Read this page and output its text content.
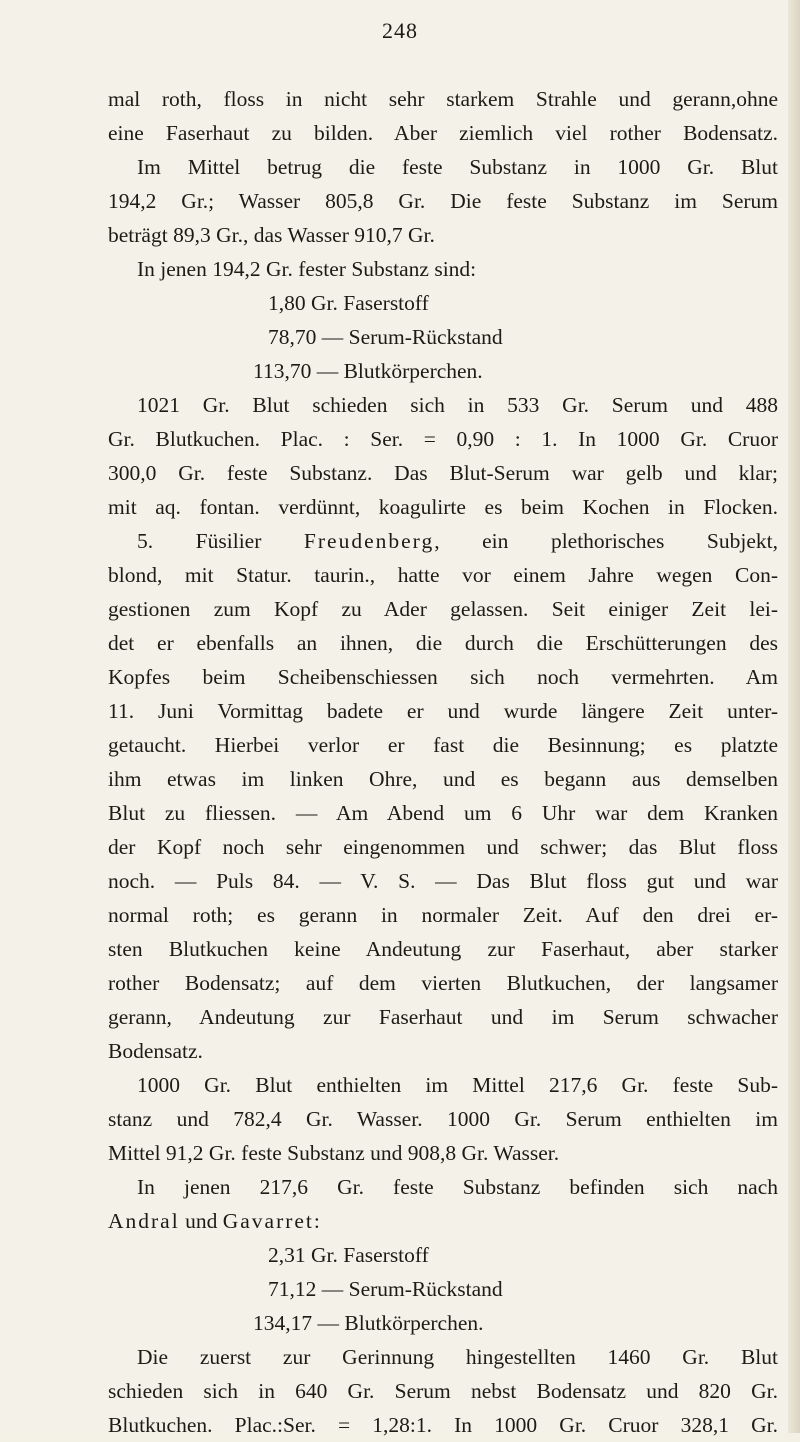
248
mal roth, floss in nicht sehr starkem Strahle und gerann,ohne
eine Faserhaut zu bilden. Aber ziemlich viel rother Bodensatz.
Im Mittel betrug die feste Substanz in 1000 Gr. Blut
194,2 Gr.; Wasser 805,8 Gr. Die feste Substanz im Serum
beträgt 89,3 Gr., das Wasser 910,7 Gr.
In jenen 194,2 Gr. fester Substanz sind:
1,80 Gr. Faserstoff
78,70 — Serum-Rückstand
113,70 — Blutkörperchen.
1021 Gr. Blut schieden sich in 533 Gr. Serum und 488
Gr. Blutkuchen. Plac. : Ser. = 0,90 : 1. In 1000 Gr. Cruor
300,0 Gr. feste Substanz. Das Blut-Serum war gelb und klar;
mit aq. fontan. verdünnt, koagulirte es beim Kochen in Flocken.
5. Füsilier Freudenberg, ein plethorisches Subjekt,
blond, mit Statur. taurin., hatte vor einem Jahre wegen Con-
gestionen zum Kopf zu Ader gelassen. Seit einiger Zeit lei-
det er ebenfalls an ihnen, die durch die Erschütterungen des
Kopfes beim Scheibenschiessen sich noch vermehrten. Am
11. Juni Vormittag badete er und wurde längere Zeit unter-
getaucht. Hierbei verlor er fast die Besinnung; es platzte
ihm etwas im linken Ohre, und es begann aus demselben
Blut zu fliessen. — Am Abend um 6 Uhr war dem Kranken
der Kopf noch sehr eingenommen und schwer; das Blut floss
noch. — Puls 84. — V. S. — Das Blut floss gut und war
normal roth; es gerann in normaler Zeit. Auf den drei er-
sten Blutkuchen keine Andeutung zur Faserhaut, aber starker
rother Bodensatz; auf dem vierten Blutkuchen, der langsamer
gerann, Andeutung zur Faserhaut und im Serum schwacher
Bodensatz.
1000 Gr. Blut enthielten im Mittel 217,6 Gr. feste Sub-
stanz und 782,4 Gr. Wasser. 1000 Gr. Serum enthielten im
Mittel 91,2 Gr. feste Substanz und 908,8 Gr. Wasser.
In jenen 217,6 Gr. feste Substanz befinden sich nach
Andral und Gavarret:
2,31 Gr. Faserstoff
71,12 — Serum-Rückstand
134,17 — Blutkörperchen.
Die zuerst zur Gerinnung hingestellten 1460 Gr. Blut
schieden sich in 640 Gr. Serum nebst Bodensatz und 820 Gr.
Blutkuchen. Plac.:Ser. = 1,28:1. In 1000 Gr. Cruor 328,1 Gr.
